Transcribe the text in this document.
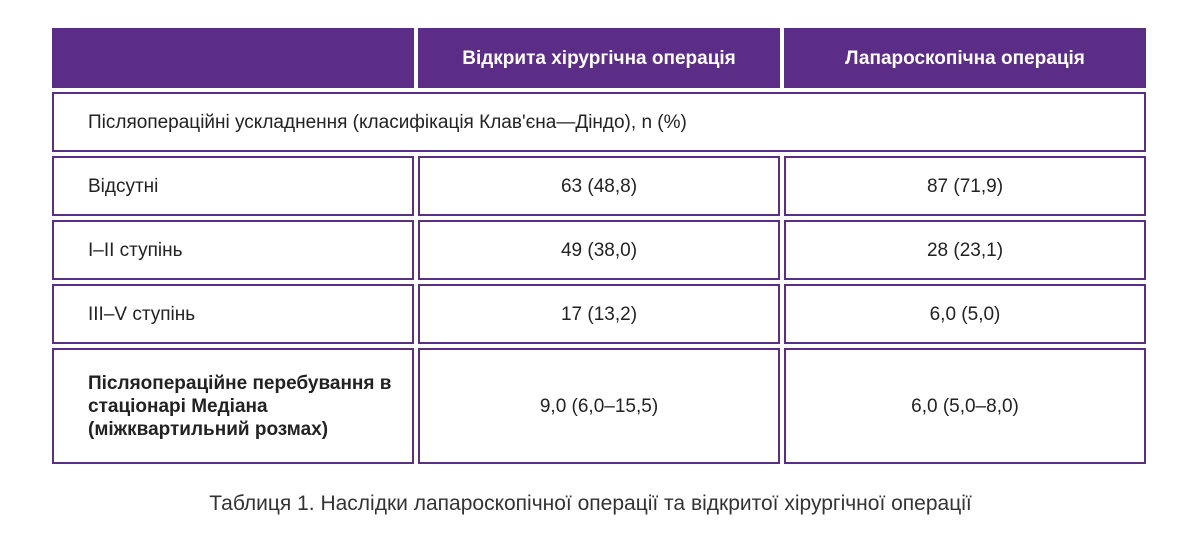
	Відкрита хірургічна операція	Лапароскопічна операція
Післяопераційні ускладнення (класифікація Клав'єна—Діндо), n (%)		
Відсутні	63 (48,8)	87 (71,9)
I–II ступінь	49 (38,0)	28 (23,1)
III–V ступінь	17 (13,2)	6,0 (5,0)
Післяопераційне перебування в стаціонарі Медіана (міжквартильний розмах)	9,0 (6,0–15,5)	6,0 (5,0–8,0)
Таблиця 1. Наслідки лапароскопічної операції та відкритої хірургічної операції
